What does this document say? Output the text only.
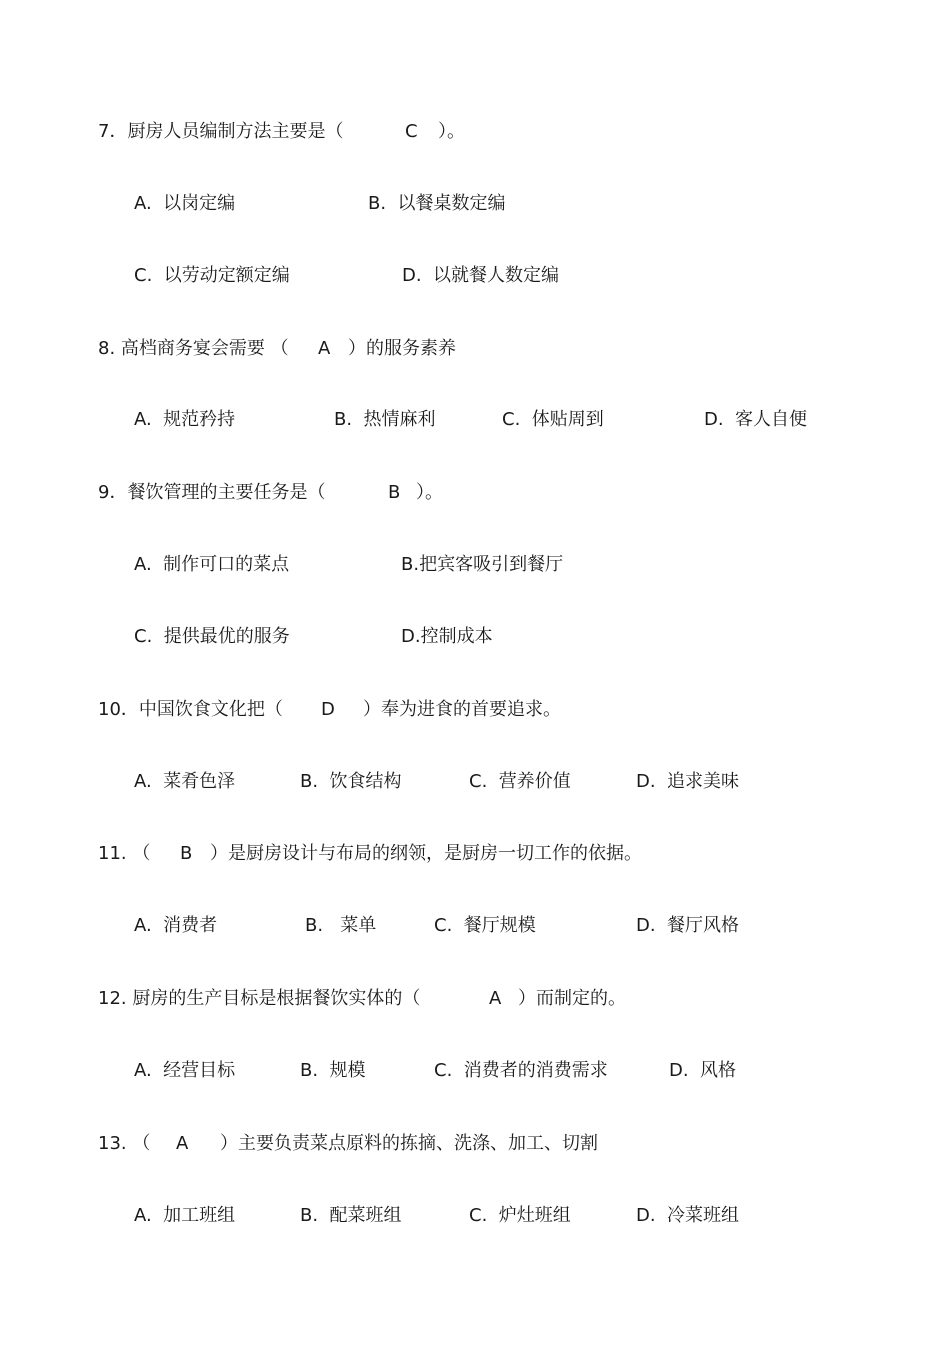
7．厨房人员编制方法主要是（	C ）。
A.  以岗定编	B.  以餐桌数定编
C.  以劳动定额定编	D.  以就餐人数定编
8. 高档商务宴会需要 （ A ）的服务素养
A.  规范矜持	B.  热情麻利	C.  体贴周到	D.  客人自便
9．餐饮管理的主要任务是（	B ）。
A.  制作可口的菜点	B.把宾客吸引到餐厅
C.  提供最优的服务	D.控制成本
10．中国饮食文化把（ D ）奉为进食的首要追求。
A.  菜肴色泽	B.  饮食结构	C.  营养价值	D.  追求美味
11. （ B ）是厨房设计与布局的纲领，是厨房一切工作的依据。
A.  消费者	B.   菜单	C.  餐厅规模	D.  餐厅风格
12. 厨房的生产目标是根据餐饮实体的（	A ）而制定的。
A.  经营目标	B.  规模	C.  消费者的消费需求	D.  风格
13. （ A ）主要负责菜点原料的拣摘、洗涤、加工、切割
A.  加工班组	B.  配菜班组	C.  炉灶班组	D.  冷菜班组
